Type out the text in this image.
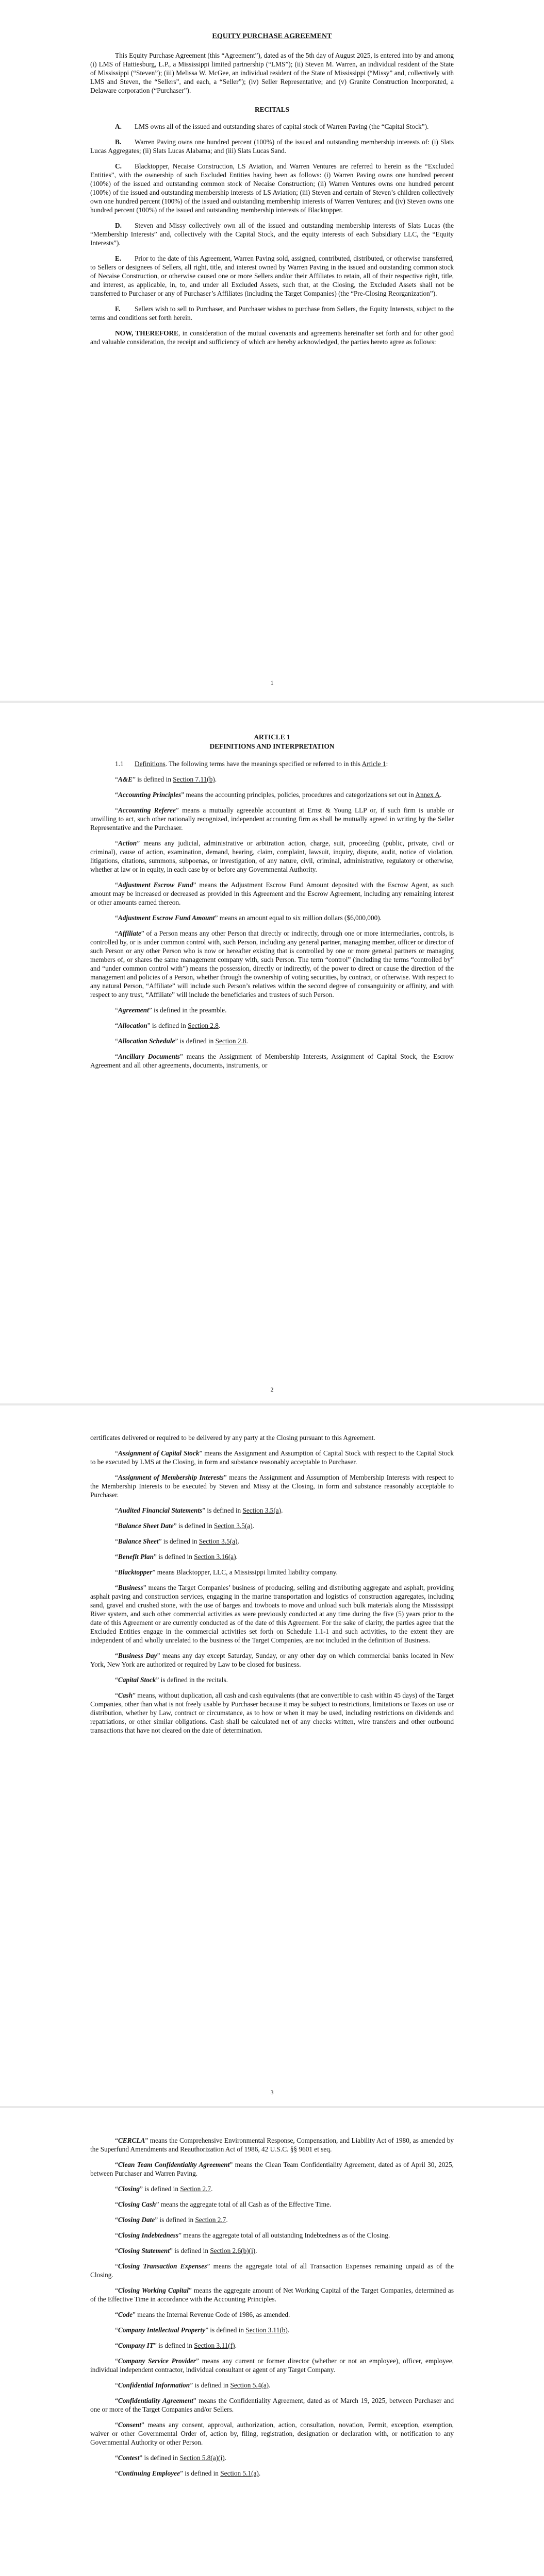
EQUITY PURCHASE AGREEMENT

This Equity Purchase Agreement (this “Agreement”), dated as of the 5th day of August 2025, is entered into by and among (i) LMS of Hattiesburg, L.P., a Mississippi limited partnership (“LMS”); (ii) Steven M. Warren, an individual resident of the State of Mississippi (“Steven”); (iii) Melissa W. McGee, an individual resident of the State of Mississippi (“Missy” and, collectively with LMS and Steven, the “Sellers”, and each, a “Seller”); (iv) Seller Representative; and (v) Granite Construction Incorporated, a Delaware corporation (“Purchaser”).

RECITALS

A. LMS owns all of the issued and outstanding shares of capital stock of Warren Paving (the “Capital Stock”).

B. Warren Paving owns one hundred percent (100%) of the issued and outstanding membership interests of: (i) Slats Lucas Aggregates; (ii) Slats Lucas Alabama; and (iii) Slats Lucas Sand.

C. Blacktopper, Necaise Construction, LS Aviation, and Warren Ventures are referred to herein as the “Excluded Entities”, with the ownership of such Excluded Entities having been as follows: (i) Warren Paving owns one hundred percent (100%) of the issued and outstanding common stock of Necaise Construction; (ii) Warren Ventures owns one hundred percent (100%) of the issued and outstanding membership interests of LS Aviation; (iii) Steven and certain of Steven’s children collectively own one hundred percent (100%) of the issued and outstanding membership interests of Warren Ventures; and (iv) Steven owns one hundred percent (100%) of the issued and outstanding membership interests of Blacktopper.

D. Steven and Missy collectively own all of the issued and outstanding membership interests of Slats Lucas (the “Membership Interests” and, collectively with the Capital Stock, and the equity interests of each Subsidiary LLC, the “Equity Interests”).

E. Prior to the date of this Agreement, Warren Paving sold, assigned, contributed, distributed, or otherwise transferred, to Sellers or designees of Sellers, all right, title, and interest owned by Warren Paving in the issued and outstanding common stock of Necaise Construction, or otherwise caused one or more Sellers and/or their Affiliates to retain, all of their respective right, title, and interest, as applicable, in, to, and under all Excluded Assets, such that, at the Closing, the Excluded Assets shall not be transferred to Purchaser or any of Purchaser’s Affiliates (including the Target Companies) (the “Pre-Closing Reorganization”).

F. Sellers wish to sell to Purchaser, and Purchaser wishes to purchase from Sellers, the Equity Interests, subject to the terms and conditions set forth herein.

NOW, THEREFORE, in consideration of the mutual covenants and agreements hereinafter set forth and for other good and valuable consideration, the receipt and sufficiency of which are hereby acknowledged, the parties hereto agree as follows:

1
ARTICLE 1
DEFINITIONS AND INTERPRETATION

1.1 Definitions. The following terms have the meanings specified or referred to in this Article 1:

“A&E” is defined in Section 7.11(b).

“Accounting Principles” means the accounting principles, policies, procedures and categorizations set out in Annex A.

“Accounting Referee” means a mutually agreeable accountant at Ernst & Young LLP or, if such firm is unable or unwilling to act, such other nationally recognized, independent accounting firm as shall be mutually agreed in writing by the Seller Representative and the Purchaser.

“Action” means any judicial, administrative or arbitration action, charge, suit, proceeding (public, private, civil or criminal), cause of action, examination, demand, hearing, claim, complaint, lawsuit, inquiry, dispute, audit, notice of violation, litigations, citations, summons, subpoenas, or investigation, of any nature, civil, criminal, administrative, regulatory or otherwise, whether at law or in equity, in each case by or before any Governmental Authority.

“Adjustment Escrow Fund” means the Adjustment Escrow Fund Amount deposited with the Escrow Agent, as such amount may be increased or decreased as provided in this Agreement and the Escrow Agreement, including any remaining interest or other amounts earned thereon.

“Adjustment Escrow Fund Amount” means an amount equal to six million dollars ($6,000,000).

“Affiliate” of a Person means any other Person that directly or indirectly, through one or more intermediaries, controls, is controlled by, or is under common control with, such Person, including any general partner, managing member, officer or director of such Person or any other Person who is now or hereafter existing that is controlled by one or more general partners or managing members of, or shares the same management company with, such Person. The term “control” (including the terms “controlled by” and “under common control with”) means the possession, directly or indirectly, of the power to direct or cause the direction of the management and policies of a Person, whether through the ownership of voting securities, by contract, or otherwise. With respect to any natural Person, “Affiliate” will include such Person’s relatives within the second degree of consanguinity or affinity, and with respect to any trust, “Affiliate” will include the beneficiaries and trustees of such Person.

“Agreement” is defined in the preamble.

“Allocation” is defined in Section 2.8.

“Allocation Schedule” is defined in Section 2.8.

“Ancillary Documents” means the Assignment of Membership Interests, Assignment of Capital Stock, the Escrow Agreement and all other agreements, documents, instruments, or

2

certificates delivered or required to be delivered by any party at the Closing pursuant to this Agreement.

“Assignment of Capital Stock” means the Assignment and Assumption of Capital Stock with respect to the Capital Stock to be executed by LMS at the Closing, in form and substance reasonably acceptable to Purchaser.

“Assignment of Membership Interests” means the Assignment and Assumption of Membership Interests with respect to the Membership Interests to be executed by Steven and Missy at the Closing, in form and substance reasonably acceptable to Purchaser.

“Audited Financial Statements” is defined in Section 3.5(a).

“Balance Sheet Date” is defined in Section 3.5(a).

“Balance Sheet” is defined in Section 3.5(a).

“Benefit Plan” is defined in Section 3.16(a).

“Blacktopper” means Blacktopper, LLC, a Mississippi limited liability company.

“Business” means the Target Companies’ business of producing, selling and distributing aggregate and asphalt, providing asphalt paving and construction services, engaging in the marine transportation and logistics of construction aggregates, including sand, gravel and crushed stone, with the use of barges and towboats to move and unload such bulk materials along the Mississippi River system, and such other commercial activities as were previously conducted at any time during the five (5) years prior to the date of this Agreement or are currently conducted as of the date of this Agreement. For the sake of clarity, the parties agree that the Excluded Entities engage in the commercial activities set forth on Schedule 1.1-1 and such activities, to the extent they are independent of and wholly unrelated to the business of the Target Companies, are not included in the definition of Business.

“Business Day” means any day except Saturday, Sunday, or any other day on which commercial banks located in New York, New York are authorized or required by Law to be closed for business.

“Capital Stock” is defined in the recitals.

“Cash” means, without duplication, all cash and cash equivalents (that are convertible to cash within 45 days) of the Target Companies, other than what is not freely usable by Purchaser because it may be subject to restrictions, limitations or Taxes on use or distribution, whether by Law, contract or circumstance, as to how or when it may be used, including restrictions on dividends and repatriations, or other similar obligations. Cash shall be calculated net of any checks written, wire transfers and other outbound transactions that have not cleared on the date of determination.

3

“CERCLA” means the Comprehensive Environmental Response, Compensation, and Liability Act of 1980, as amended by the Superfund Amendments and Reauthorization Act of 1986, 42 U.S.C. §§ 9601 et seq.

“Clean Team Confidentiality Agreement” means the Clean Team Confidentiality Agreement, dated as of April 30, 2025, between Purchaser and Warren Paving.

“Closing” is defined in Section 2.7.

“Closing Cash” means the aggregate total of all Cash as of the Effective Time.

“Closing Date” is defined in Section 2.7.

“Closing Indebtedness” means the aggregate total of all outstanding Indebtedness as of the Closing.

“Closing Statement” is defined in Section 2.6(b)(i).

“Closing Transaction Expenses” means the aggregate total of all Transaction Expenses remaining unpaid as of the Closing.

“Closing Working Capital” means the aggregate amount of Net Working Capital of the Target Companies, determined as of the Effective Time in accordance with the Accounting Principles.

“Code” means the Internal Revenue Code of 1986, as amended.

“Company Intellectual Property” is defined in Section 3.11(b).

“Company IT” is defined in Section 3.11(f).

“Company Service Provider” means any current or former director (whether or not an employee), officer, employee, individual independent contractor, individual consultant or agent of any Target Company.

“Confidential Information” is defined in Section 5.4(a).

“Confidentiality Agreement” means the Confidentiality Agreement, dated as of March 19, 2025, between Purchaser and one or more of the Target Companies and/or Sellers.

“Consent” means any consent, approval, authorization, action, consultation, novation, Permit, exception, exemption, waiver or other Governmental Order of, action by, filing, registration, designation or declaration with, or notification to any Governmental Authority or other Person.

“Contest” is defined in Section 5.8(a)(i).

“Continuing Employee” is defined in Section 5.1(a).
